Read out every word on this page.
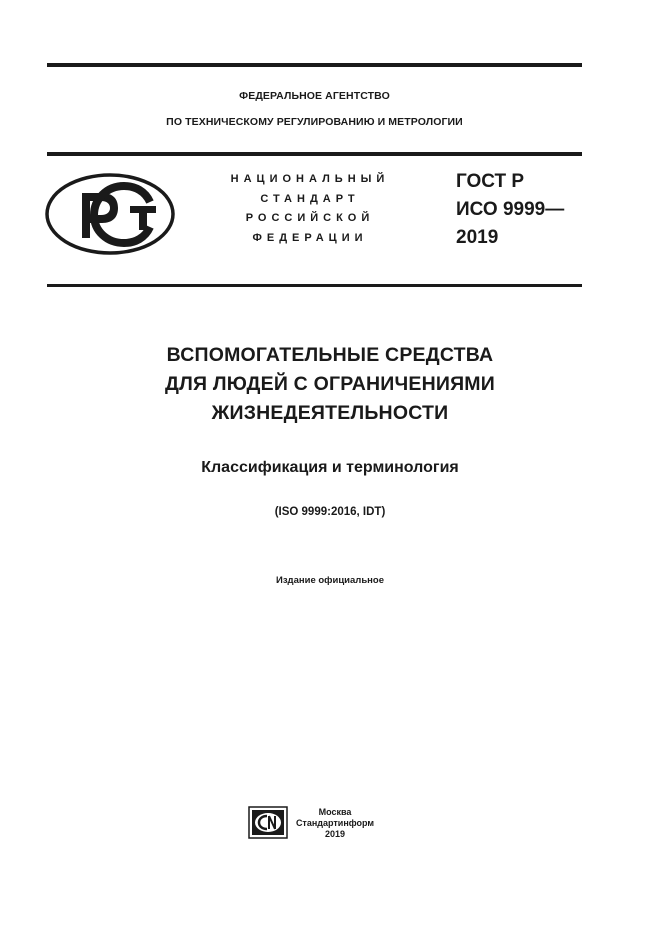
ФЕДЕРАЛЬНОЕ АГЕНТСТВО
ПО ТЕХНИЧЕСКОМУ РЕГУЛИРОВАНИЮ И МЕТРОЛОГИИ
НАЦИОНАЛЬНЫЙ
СТАНДАРТ
РОССИЙСКОЙ
ФЕДЕРАЦИИ
ГОСТ Р
ИСО 9999—
2019
ВСПОМОГАТЕЛЬНЫЕ СРЕДСТВА
ДЛЯ ЛЮДЕЙ С ОГРАНИЧЕНИЯМИ
ЖИЗНЕДЕЯТЕЛЬНОСТИ
Классификация и терминология
(ISO 9999:2016, IDT)
Издание официальное
Москва
Стандартинформ
2019
